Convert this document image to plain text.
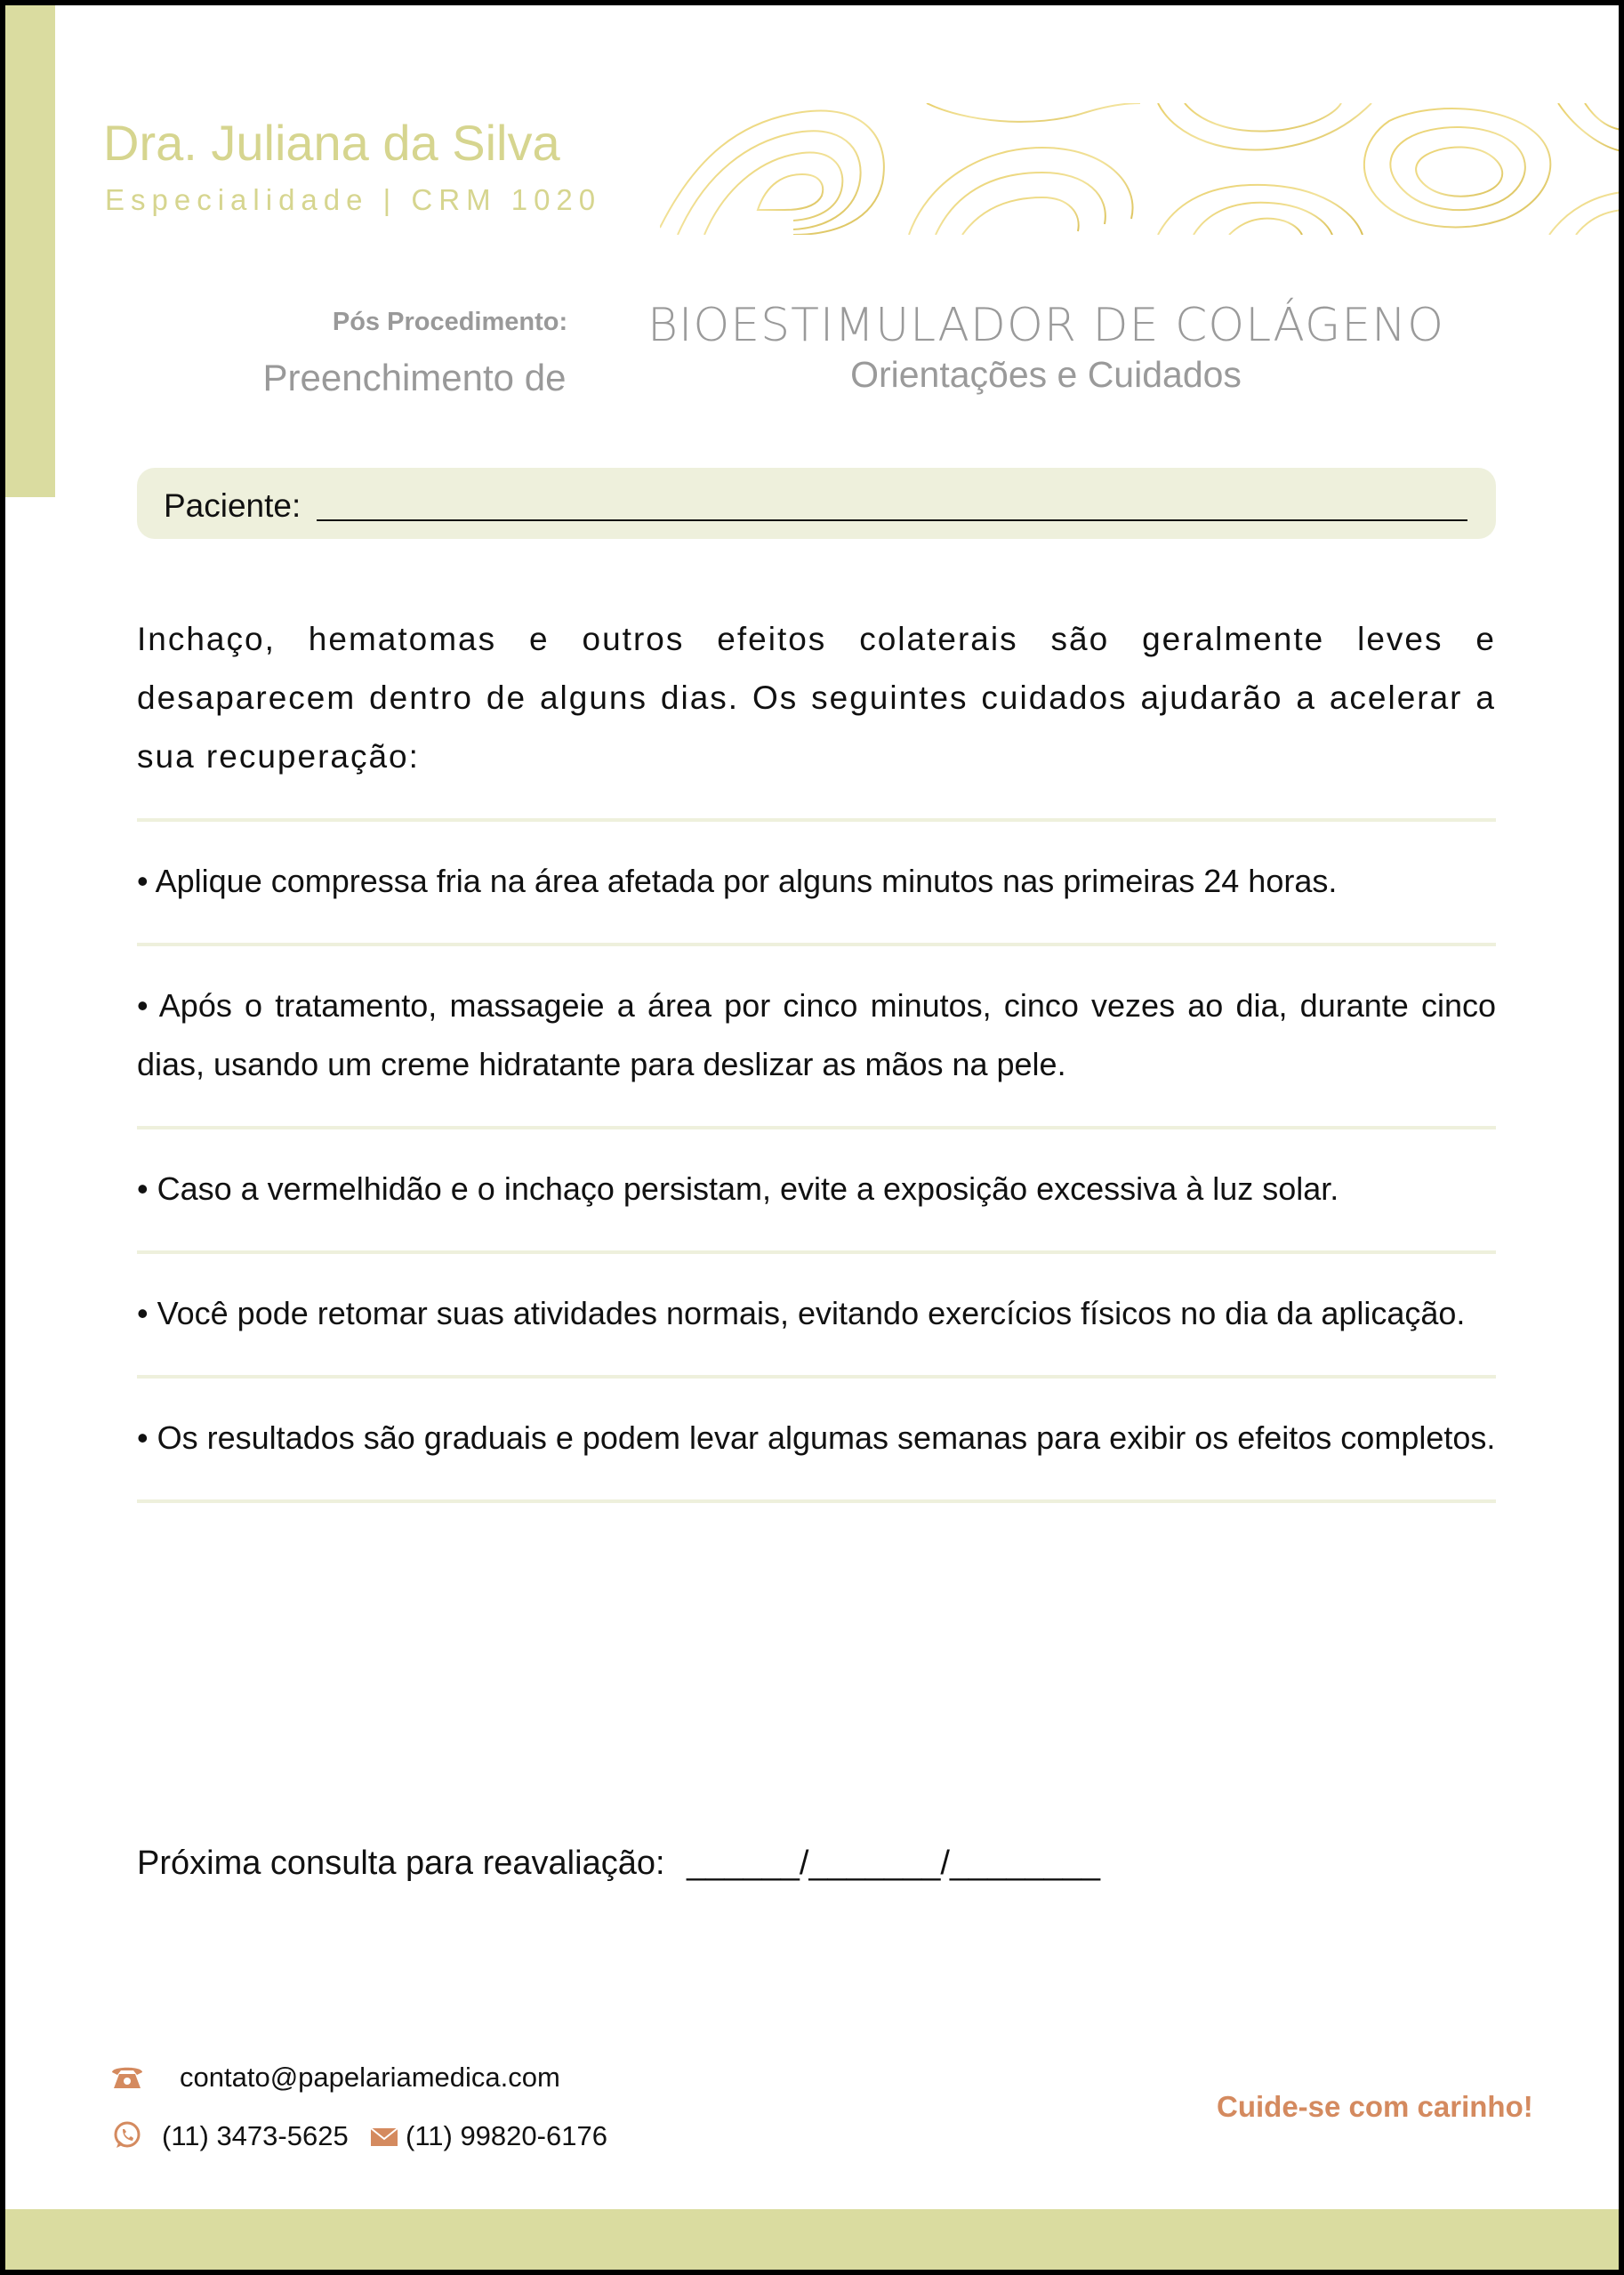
Dra. Juliana da Silva
Especialidade | CRM 1020
Pós Procedimento:
Preenchimento de
BIOESTIMULADOR DE COLÁGENO
Orientações e Cuidados
Paciente:

Inchaço, hematomas e outros efeitos colaterais são geralmente leves e desaparecem dentro de alguns dias. Os seguintes cuidados ajudarão a acelerar a sua recuperação:

• Aplique compressa fria na área afetada por alguns minutos nas primeiras 24 horas.

• Após o tratamento, massageie a área por cinco minutos, cinco vezes ao dia, durante cinco dias, usando um creme hidratante para deslizar as mãos na pele.

• Caso a vermelhidão e o inchaço persistam, evite a exposição excessiva à luz solar.

• Você pode retomar suas atividades normais, evitando exercícios físicos no dia da aplicação.

• Os resultados são graduais e podem levar algumas semanas para exibir os efeitos completos.

Próxima consulta para reavaliação: ______/_______/________
contato@papelariamedica.com
(11) 3473-5625 (11) 99820-6176
Cuide-se com carinho!
